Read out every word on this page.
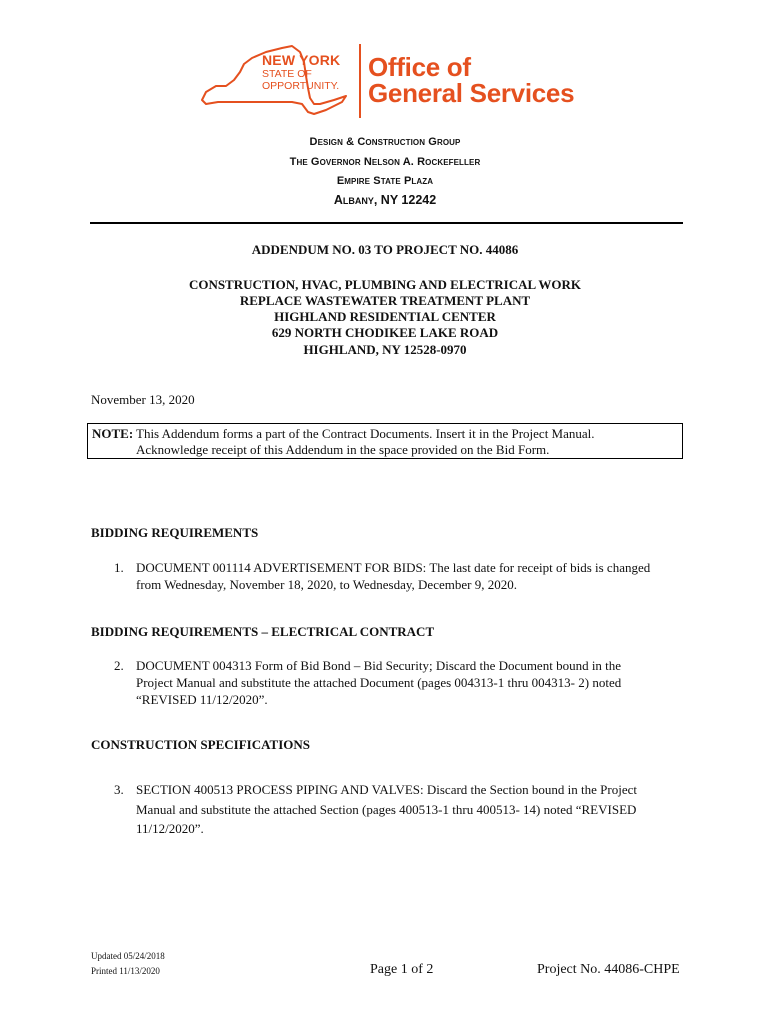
NEW YORK
STATE OF
OPPORTUNITY.
Office of
General Services
Design & Construction Group
The Governor Nelson A. Rockefeller
Empire State Plaza
Albany, NY 12242
ADDENDUM NO. 03 TO PROJECT NO. 44086
CONSTRUCTION, HVAC, PLUMBING AND ELECTRICAL WORK
REPLACE WASTEWATER TREATMENT PLANT
HIGHLAND RESIDENTIAL CENTER
629 NORTH CHODIKEE LAKE ROAD
HIGHLAND, NY 12528-0970
November 13, 2020
NOTE: This Addendum forms a part of the Contract Documents. Insert it in the Project Manual.
Acknowledge receipt of this Addendum in the space provided on the Bid Form.
BIDDING REQUIREMENTS
1. DOCUMENT 001114 ADVERTISEMENT FOR BIDS: The last date for receipt of bids is changed
from Wednesday, November 18, 2020, to Wednesday, December 9, 2020.
BIDDING REQUIREMENTS – ELECTRICAL CONTRACT
2. DOCUMENT 004313 Form of Bid Bond – Bid Security; Discard the Document bound in the
Project Manual and substitute the attached Document (pages 004313-1 thru 004313- 2) noted
“REVISED 11/12/2020”.
CONSTRUCTION SPECIFICATIONS
3. SECTION 400513 PROCESS PIPING AND VALVES: Discard the Section bound in the Project
Manual and substitute the attached Section (pages 400513-1 thru 400513- 14) noted “REVISED
11/12/2020”.
Updated 05/24/2018
Printed 11/13/2020	Page 1 of 2	Project No. 44086-CHPE
